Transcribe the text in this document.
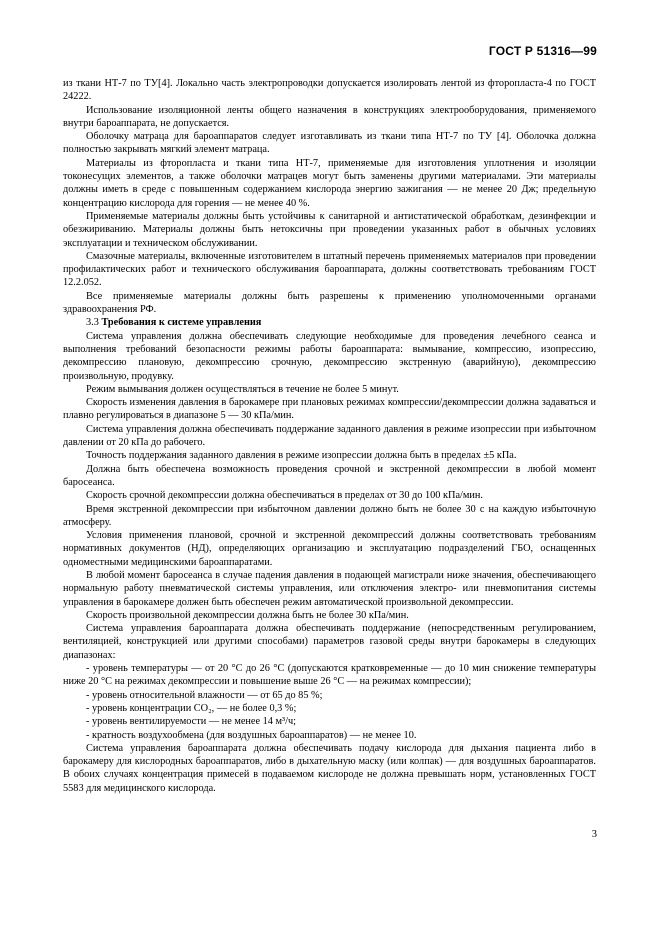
ГОСТ Р 51316—99

из ткани НТ-7 по ТУ[4]. Локально часть электропроводки допускается изолировать лентой из фторопласта-4 по ГОСТ 24222.

Использование изоляционной ленты общего назначения в конструкциях электрооборудования, применяемого внутри бароаппарата, не допускается.

Оболочку матраца для бароаппаратов следует изготавливать из ткани типа НТ-7 по ТУ [4]. Оболочка должна полностью закрывать мягкий элемент матраца.

Материалы из фторопласта и ткани типа НТ-7, применяемые для изготовления уплотнения и изоляции токонесущих элементов, а также оболочки матрацев могут быть заменены другими материалами. Эти материалы должны иметь в среде с повышенным содержанием кислорода энергию зажигания — не менее 20 Дж; предельную концентрацию кислорода для горения — не менее 40 %.

Применяемые материалы должны быть устойчивы к санитарной и антистатической обработкам, дезинфекции и обезжириванию. Материалы должны быть нетоксичны при проведении указанных работ в обычных условиях эксплуатации и техническом обслуживании.

Смазочные материалы, включенные изготовителем в штатный перечень применяемых материалов при проведении профилактических работ и технического обслуживания бароаппарата, должны соответствовать требованиям ГОСТ 12.2.052.

Все применяемые материалы должны быть разрешены к применению уполномоченными органами здравоохранения РФ.

3.3 Требования к системе управления

Система управления должна обеспечивать следующие необходимые для проведения лечебного сеанса и выполнения требований безопасности режимы работы бароаппарата: вымывание, компрессию, изопрессию, декомпрессию плановую, декомпрессию срочную, декомпрессию экстренную (аварийную), декомпрессию произвольную, продувку.

Режим вымывания должен осуществляться в течение не более 5 минут.

Скорость изменения давления в барокамере при плановых режимах компрессии/декомпрессии должна задаваться и плавно регулироваться в диапазоне 5 — 30 кПа/мин.

Система управления должна обеспечивать поддержание заданного давления в режиме изопрессии при избыточном давлении от 20 кПа до рабочего.

Точность поддержания заданного давления в режиме изопрессии должна быть в пределах ±5 кПа.

Должна быть обеспечена возможность проведения срочной и экстренной декомпрессии в любой момент баросеанса.

Скорость срочной декомпрессии должна обеспечиваться в пределах от 30 до 100 кПа/мин.

Время экстренной декомпрессии при избыточном давлении должно быть не более 30 с на каждую избыточную атмосферу.

Условия применения плановой, срочной и экстренной декомпрессий должны соответствовать требованиям нормативных документов (НД), определяющих организацию и эксплуатацию подразделений ГБО, оснащенных одноместными медицинскими бароаппаратами.

В любой момент баросеанса в случае падения давления в подающей магистрали ниже значения, обеспечивающего нормальную работу пневматической системы управления, или отключения электро- или пневмопитания системы управления в барокамере должен быть обеспечен режим автоматической произвольной декомпрессии.

Скорость произвольной декомпрессии должна быть не более 30 кПа/мин.

Система управления бароаппарата должна обеспечивать поддержание (непосредственным регулированием, вентиляцией, конструкцией или другими способами) параметров газовой среды внутри барокамеры в следующих диапазонах:

- уровень температуры — от 20 °С до 26 °С (допускаются кратковременные — до 10 мин снижение температуры ниже 20 °С на режимах декомпрессии и повышение выше 26 °С — на режимах компрессии);

- уровень относительной влажности — от 65 до 85 %;

- уровень концентрации СО₂, — не более 0,3 %;

- уровень вентилируемости — не менее 14 м³/ч;

- кратность воздухообмена (для воздушных бароаппаратов) — не менее 10.

Система управления бароаппарата должна обеспечивать подачу кислорода для дыхания пациента либо в барокамеру для кислородных бароаппаратов, либо в дыхательную маску (или колпак) — для воздушных бароаппаратов. В обоих случаях концентрация примесей в подаваемом кислороде не должна превышать норм, установленных ГОСТ 5583 для медицинского кислорода.

3
